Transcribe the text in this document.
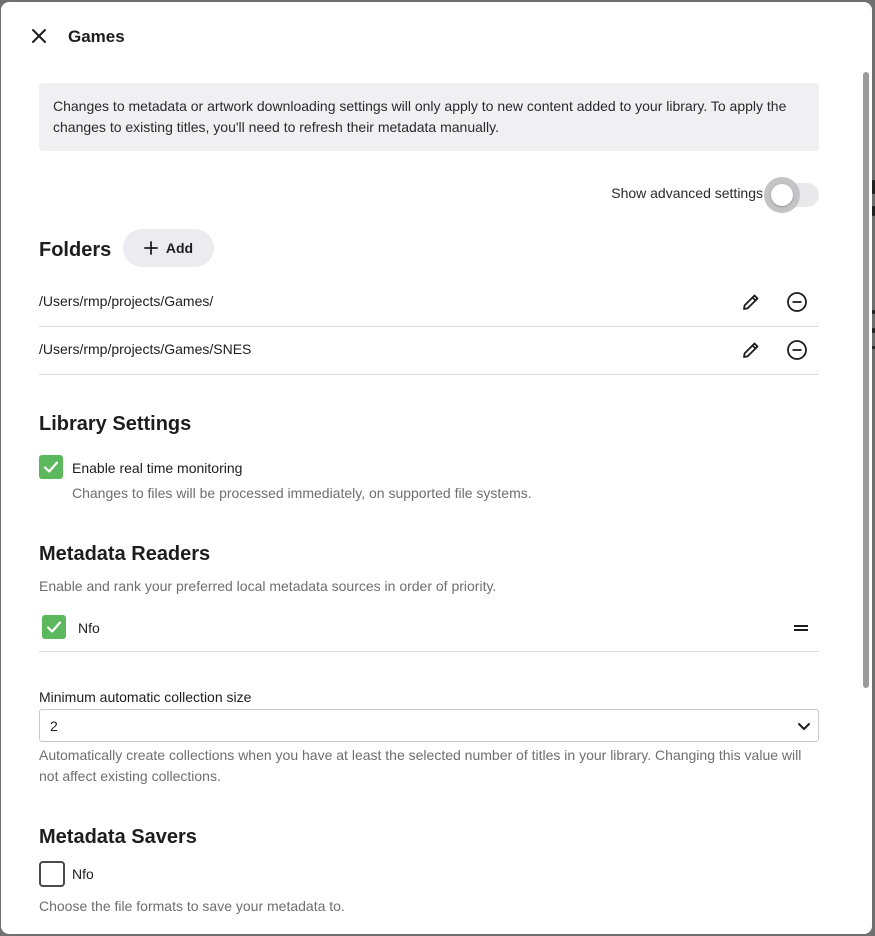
Games
Changes to metadata or artwork downloading settings will only apply to new content added to your library. To apply the changes to existing titles, you'll need to refresh their metadata manually.
Show advanced settings
Folders	Add
/Users/rmp/projects/Games/
/Users/rmp/projects/Games/SNES
Library Settings
Enable real time monitoring
Changes to files will be processed immediately, on supported file systems.
Metadata Readers
Enable and rank your preferred local metadata sources in order of priority.
Nfo
Minimum automatic collection size
2
Automatically create collections when you have at least the selected number of titles in your library. Changing this value will not affect existing collections.
Metadata Savers
Nfo
Choose the file formats to save your metadata to.
